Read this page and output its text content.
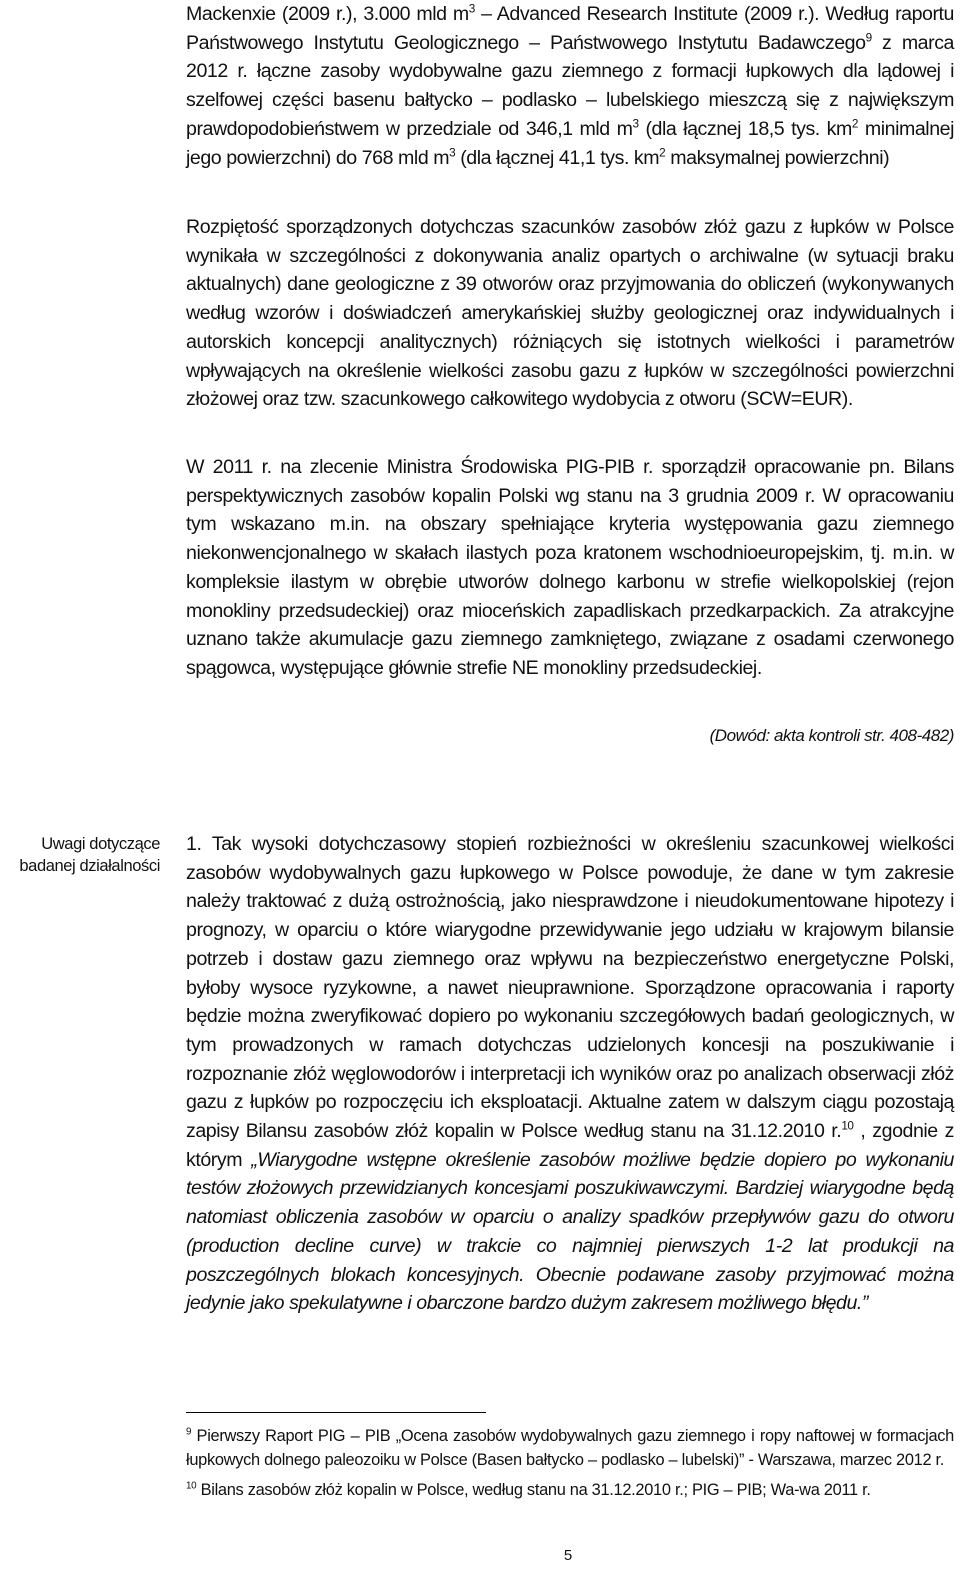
Mackenxie (2009 r.), 3.000 mld $m^3$ – Advanced Research Institute (2009 r.). Według raportu Państwowego Instytutu Geologicznego – Państwowego Instytutu Badawczego$^9$ z marca 2012 r. łączne zasoby wydobywalne gazu ziemnego z formacji łupkowych dla lądowej i szelfowej części basenu bałtycko – podlasko – lubelskiego mieszczą się z największym prawdopodobieństwem w przedziale od 346,1 mld $m^3$ (dla łącznej 18,5 tys. $km^2$ minimalnej jego powierzchni) do 768 mld $m^3$ (dla łącznej 41,1 tys. $km^2$ maksymalnej powierzchni)

Rozpiętość sporządzonych dotychczas szacunków zasobów złóż gazu z łupków w Polsce wynikała w szczególności z dokonywania analiz opartych o archiwalne (w sytuacji braku aktualnych) dane geologiczne z 39 otworów oraz przyjmowania do obliczeń (wykonywanych według wzorów i doświadczeń amerykańskiej służby geologicznej oraz indywidualnych i autorskich koncepcji analitycznych) różniących się istotnych wielkości i parametrów wpływających na określenie wielkości zasobu gazu z łupków w szczególności powierzchni złożowej oraz tzw. szacunkowego całkowitego wydobycia z otworu (SCW=EUR).

W 2011 r. na zlecenie Ministra Środowiska PIG-PIB r. sporządził opracowanie pn. Bilans perspektywicznych zasobów kopalin Polski wg stanu na 3 grudnia 2009 r. W opracowaniu tym wskazano m.in. na obszary spełniające kryteria występowania gazu ziemnego niekonwencjonalnego w skałach ilastych poza kratonem wschodnioeuropejskim, tj. m.in. w kompleksie ilastym w obrębie utworów dolnego karbonu w strefie wielkopolskiej (rejon monokliny przedsudeckiej) oraz mioceńskich zapadliskach przedkarpackich. Za atrakcyjne uznano także akumulacje gazu ziemnego zamkniętego, związane z osadami czerwonego spągowca, występujące głównie strefie NE monokliny przedsudeckiej.

(Dowód: akta kontroli str. 408-482)
Uwagi dotyczące badanej działalności

1. Tak wysoki dotychczasowy stopień rozbieżności w określeniu szacunkowej wielkości zasobów wydobywalnych gazu łupkowego w Polsce powoduje, że dane w tym zakresie należy traktować z dużą ostrożnością, jako niesprawdzone i nieudokumentowane hipotezy i prognozy, w oparciu o które wiarygodne przewidywanie jego udziału w krajowym bilansie potrzeb i dostaw gazu ziemnego oraz wpływu na bezpieczeństwo energetyczne Polski, byłoby wysoce ryzykowne, a nawet nieuprawnione. Sporządzone opracowania i raporty będzie można zweryfikować dopiero po wykonaniu szczegółowych badań geologicznych, w tym prowadzonych w ramach dotychczas udzielonych koncesji na poszukiwanie i rozpoznanie złóż węglowodorów i interpretacji ich wyników oraz po analizach obserwacji złóż gazu z łupków po rozpoczęciu ich eksploatacji. Aktualne zatem w dalszym ciągu pozostają zapisy Bilansu zasobów złóż kopalin w Polsce według stanu na 31.12.2010 r.$^{10}$ , zgodnie z którym „Wiarygodne wstępne określenie zasobów możliwe będzie dopiero po wykonaniu testów złożowych przewidzianych koncesjami poszukiwawczymi. Bardziej wiarygodne będą natomiast obliczenia zasobów w oparciu o analizy spadków przepływów gazu do otworu (production decline curve) w trakcie co najmniej pierwszych 1-2 lat produkcji na poszczególnych blokach koncesyjnych. Obecnie podawane zasoby przyjmować można jedynie jako spekulatywne i obarczone bardzo dużym zakresem możliwego błędu.”

$^9$ Pierwszy Raport PIG – PIB „Ocena zasobów wydobywalnych gazu ziemnego i ropy naftowej w formacjach łupkowych dolnego paleozoiku w Polsce (Basen bałtycko – podlasko – lubelski)” - Warszawa, marzec 2012 r.

$^{10}$ Bilans zasobów złóż kopalin w Polsce, według stanu na 31.12.2010 r.; PIG – PIB; Wa-wa 2011 r.

5
